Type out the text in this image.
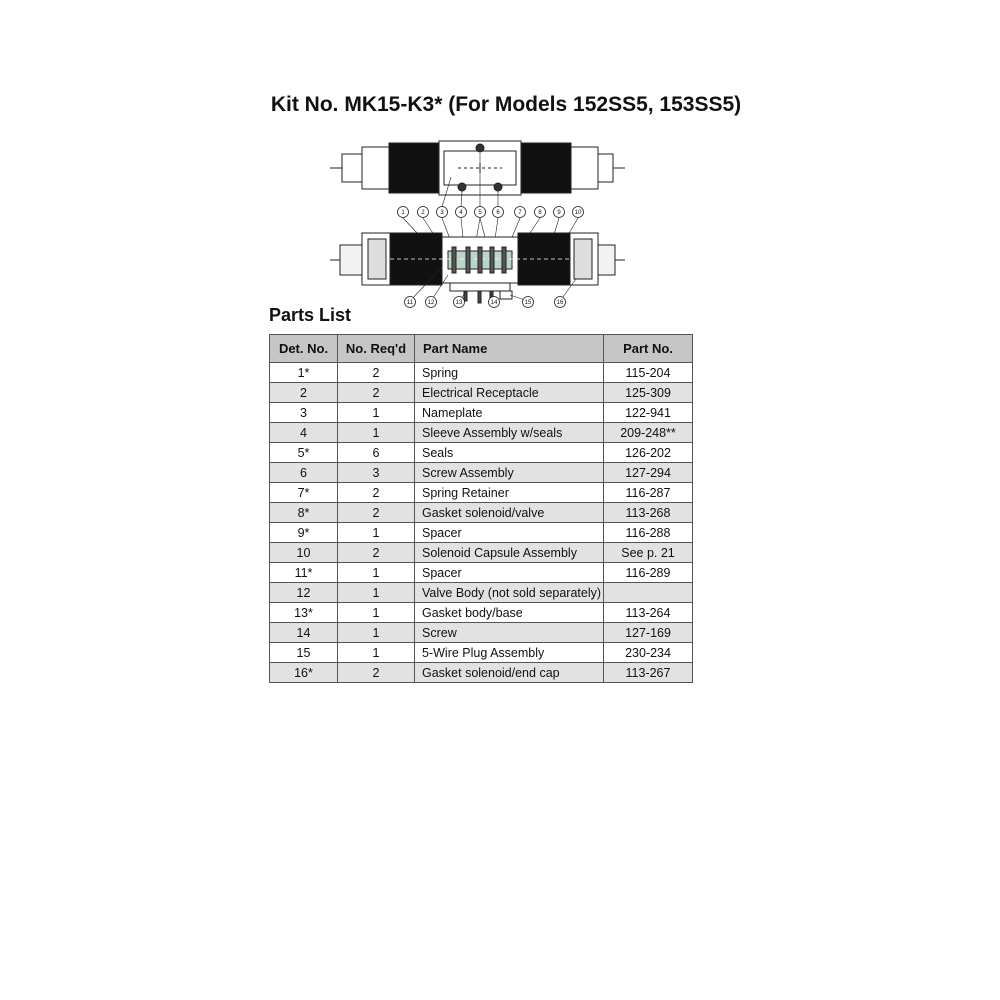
Kit No. MK15-K3* (For Models 152SS5, 153SS5)
1	2	3	4	5 6	7	8	9 10
11 12	13	14	15	16
Parts List
Det. No.	No. Req'd	Part Name	Part No.
1*	2	Spring	115-204
2	2	Electrical Receptacle	125-309
3	1	Nameplate	122-941
4	1	Sleeve Assembly w/seals	209-248**
5*	6	Seals	126-202
6	3	Screw Assembly	127-294
7*	2	Spring Retainer	116-287
8*	2	Gasket solenoid/valve	113-268
9*	1	Spacer	116-288
10	2	Solenoid Capsule Assembly	See p. 21
11*	1	Spacer	116-289
12	1	Valve Body (not sold separately)	
13*	1	Gasket body/base	113-264
14	1	Screw	127-169
15	1	5-Wire Plug Assembly	230-234
16*	2	Gasket solenoid/end cap	113-267
